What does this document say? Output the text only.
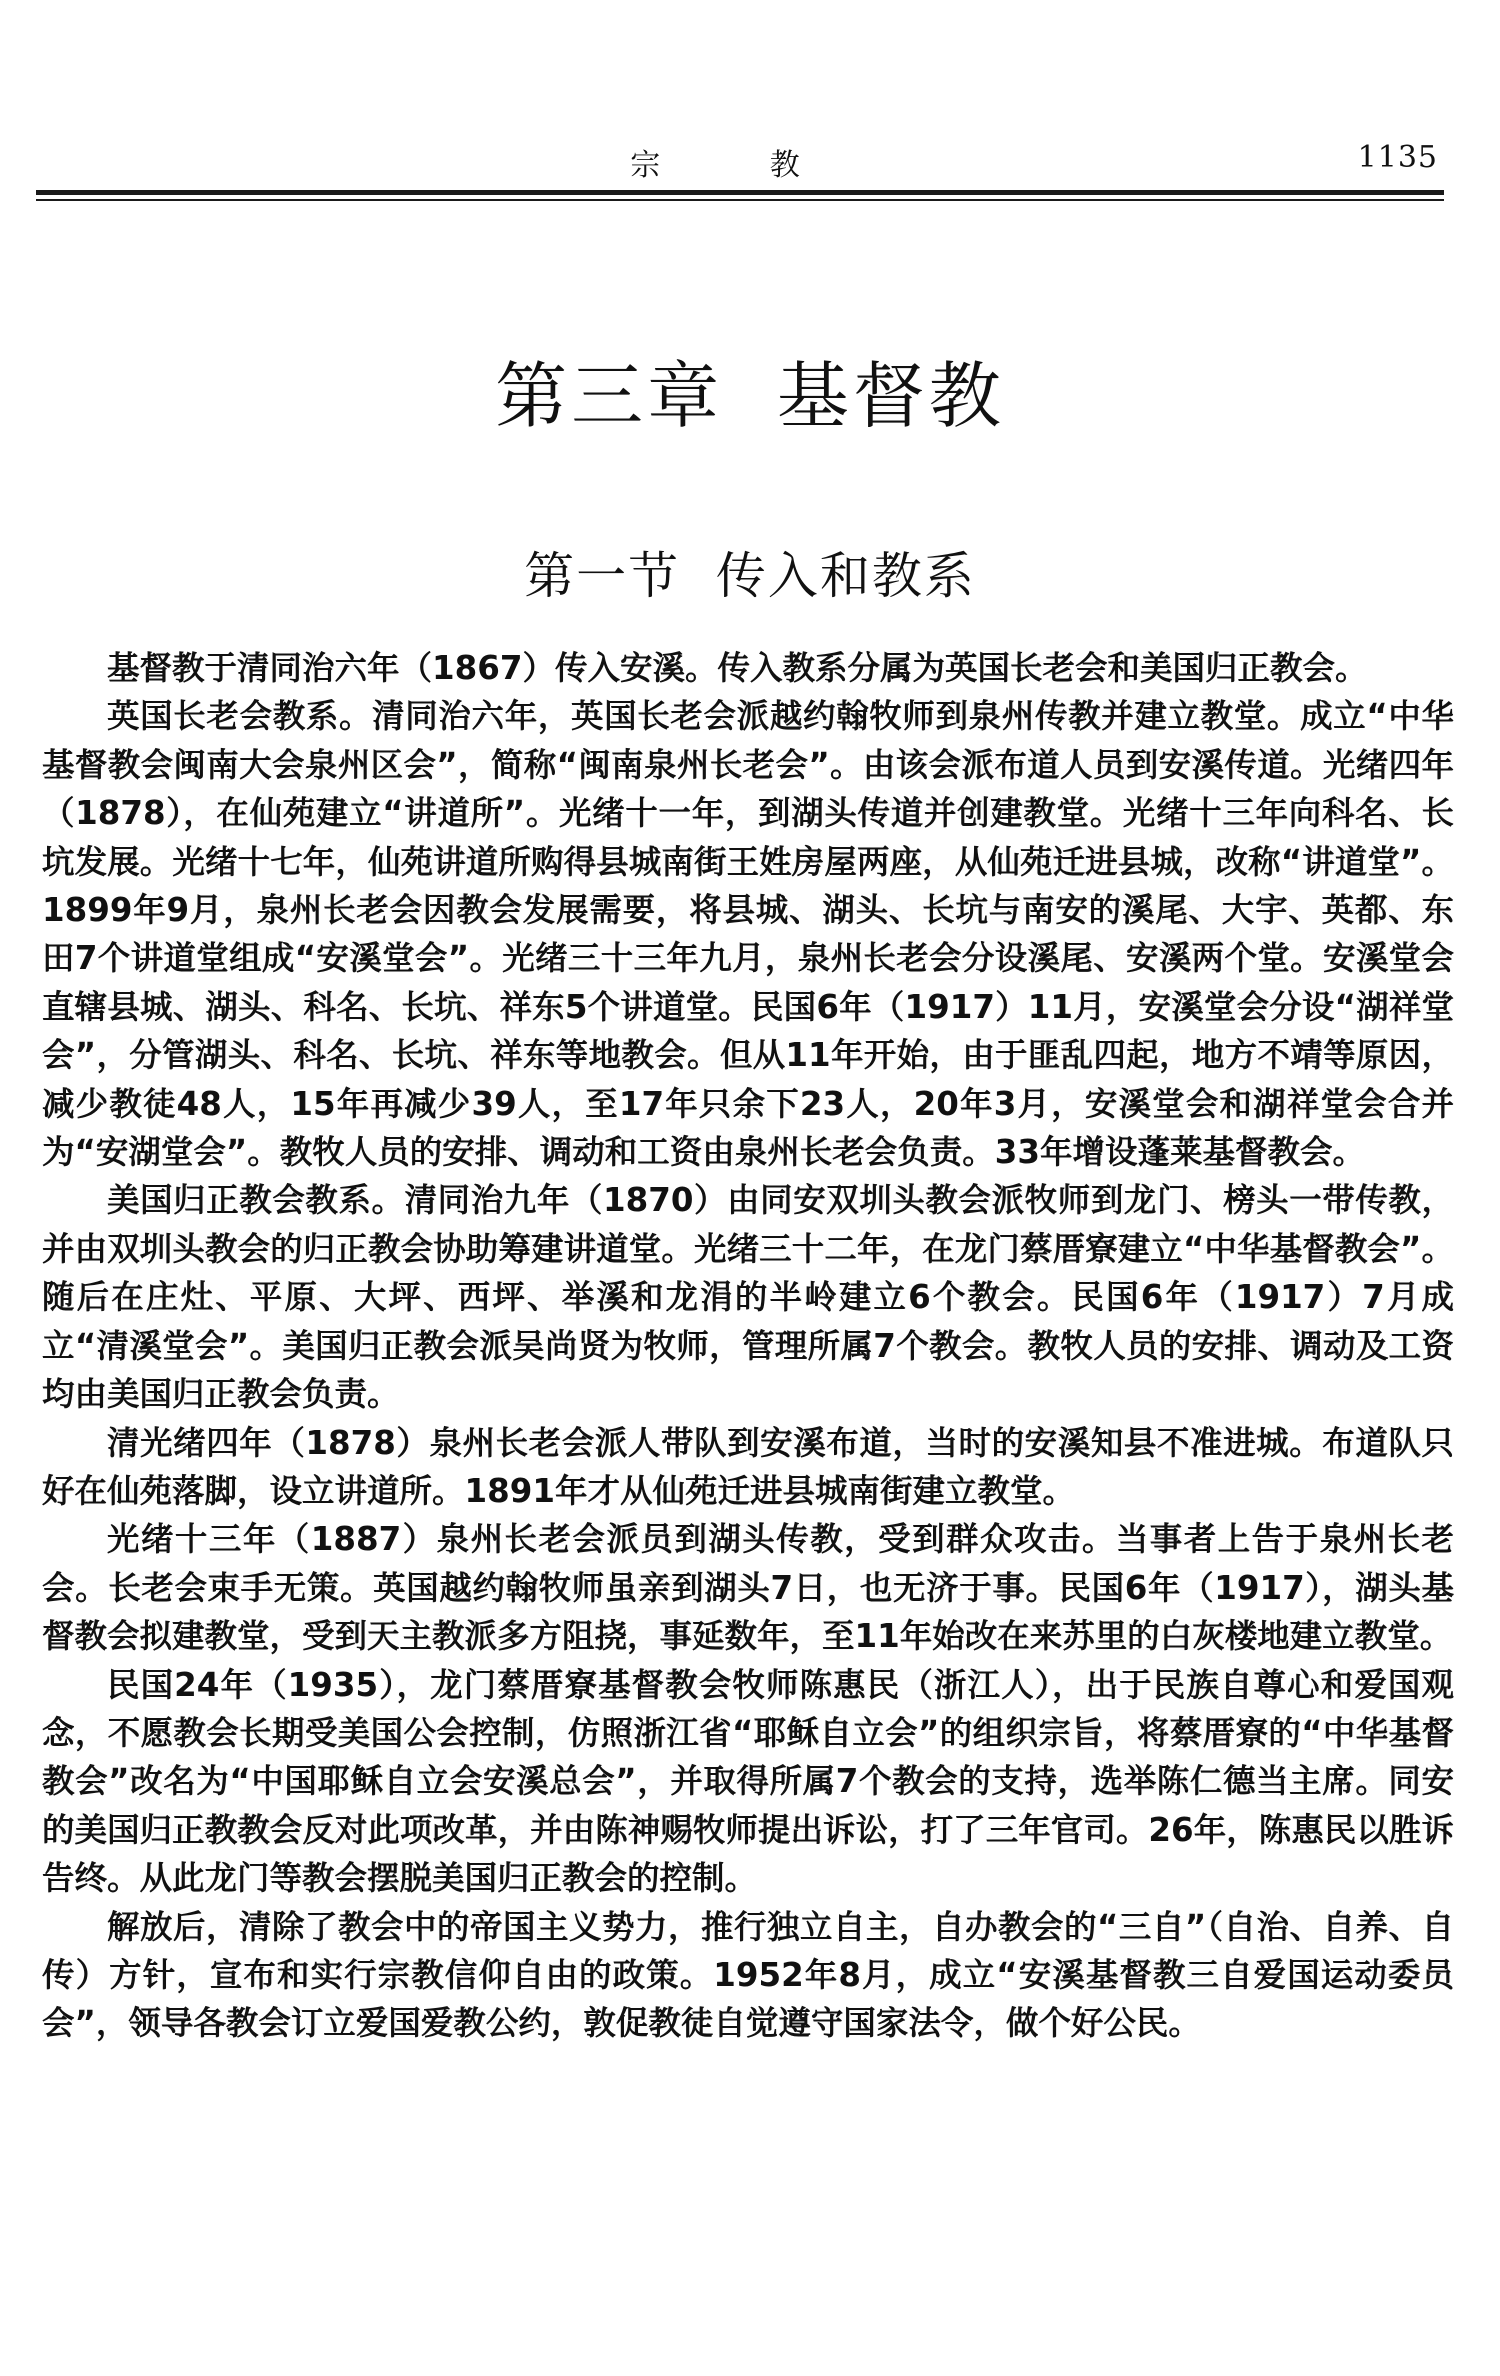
宗 教	1135
第三章  基督教
第一节  传入和教系

基督教于清同治六年（1867）传入安溪。传入教系分属为英国长老会和美国归正教会。

英国长老会教系。清同治六年，英国长老会派越约翰牧师到泉州传教并建立教堂。成立“中华基督教会闽南大会泉州区会”，简称“闽南泉州长老会”。由该会派布道人员到安溪传道。光绪四年（1878），在仙苑建立“讲道所”。光绪十一年，到湖头传道并创建教堂。光绪十三年向科名、长坑发展。光绪十七年，仙苑讲道所购得县城南街王姓房屋两座，从仙苑迁进县城，改称“讲道堂”。1899年9月，泉州长老会因教会发展需要，将县城、湖头、长坑与南安的溪尾、大宇、英都、东田7个讲道堂组成“安溪堂会”。光绪三十三年九月，泉州长老会分设溪尾、安溪两个堂。安溪堂会直辖县城、湖头、科名、长坑、祥东5个讲道堂。民国6年（1917）11月，安溪堂会分设“湖祥堂会”，分管湖头、科名、长坑、祥东等地教会。但从11年开始，由于匪乱四起，地方不靖等原因，减少教徒48人，15年再减少39人，至17年只余下23人，20年3月，安溪堂会和湖祥堂会合并为“安湖堂会”。教牧人员的安排、调动和工资由泉州长老会负责。33年增设蓬莱基督教会。

美国归正教会教系。清同治九年（1870）由同安双圳头教会派牧师到龙门、榜头一带传教，并由双圳头教会的归正教会协助筹建讲道堂。光绪三十二年，在龙门蔡厝寮建立“中华基督教会”。随后在庄灶、平原、大坪、西坪、举溪和龙涓的半岭建立6个教会。民国6年（1917）7月成立“清溪堂会”。美国归正教会派吴尚贤为牧师，管理所属7个教会。教牧人员的安排、调动及工资均由美国归正教会负责。

清光绪四年（1878）泉州长老会派人带队到安溪布道，当时的安溪知县不准进城。布道队只好在仙苑落脚，设立讲道所。1891年才从仙苑迁进县城南街建立教堂。

光绪十三年（1887）泉州长老会派员到湖头传教，受到群众攻击。当事者上告于泉州长老会。长老会束手无策。英国越约翰牧师虽亲到湖头7日，也无济于事。民国6年（1917），湖头基督教会拟建教堂，受到天主教派多方阻挠，事延数年，至11年始改在来苏里的白灰楼地建立教堂。

民国24年（1935），龙门蔡厝寮基督教会牧师陈惠民（浙江人），出于民族自尊心和爱国观念，不愿教会长期受美国公会控制，仿照浙江省“耶稣自立会”的组织宗旨，将蔡厝寮的“中华基督教会”改名为“中国耶稣自立会安溪总会”，并取得所属7个教会的支持，选举陈仁德当主席。同安的美国归正教教会反对此项改革，并由陈神赐牧师提出诉讼，打了三年官司。26年，陈惠民以胜诉告终。从此龙门等教会摆脱美国归正教会的控制。

解放后，清除了教会中的帝国主义势力，推行独立自主，自办教会的“三自”（自治、自养、自传）方针，宣布和实行宗教信仰自由的政策。1952年8月，成立“安溪基督教三自爱国运动委员会”，领导各教会订立爱国爱教公约，敦促教徒自觉遵守国家法令，做个好公民。
